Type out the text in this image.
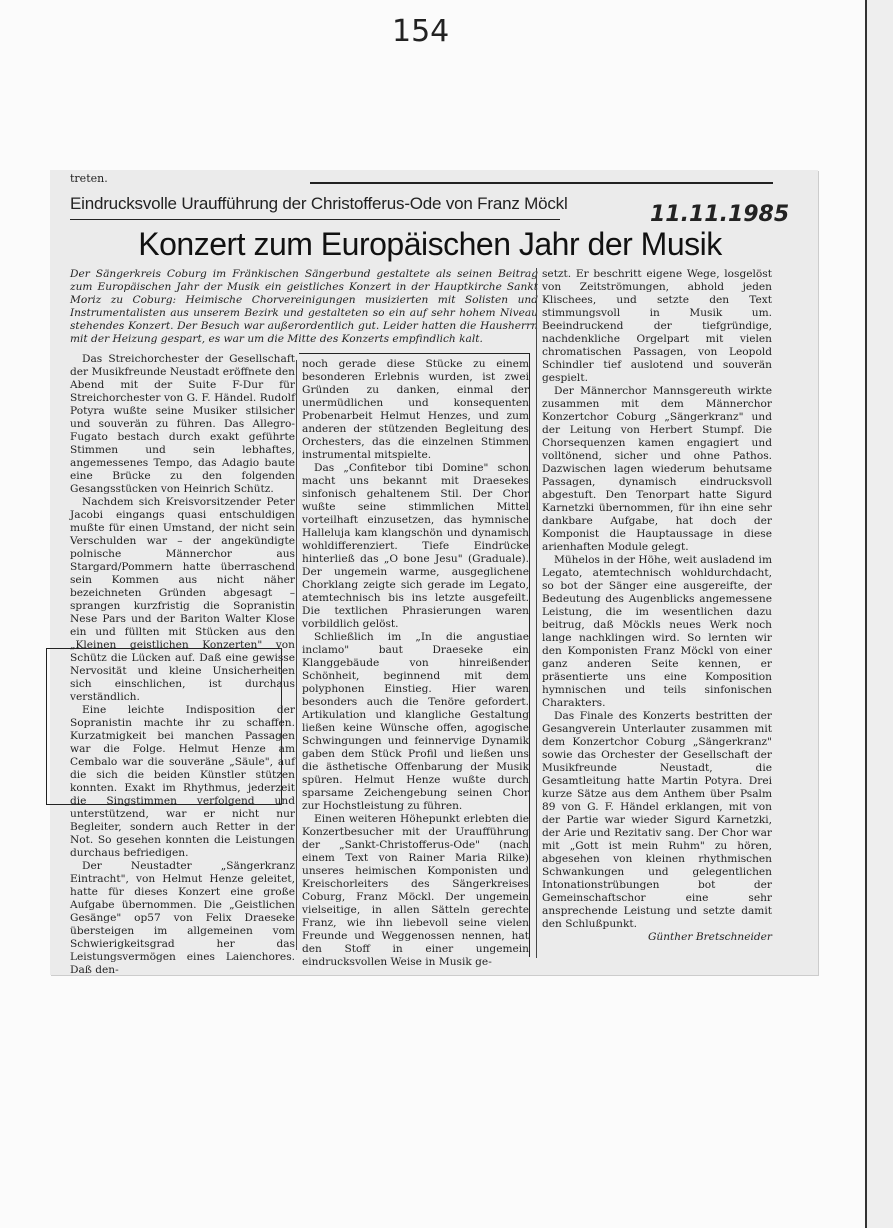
154
treten.
Eindrucksvolle Uraufführung der Christofferus-Ode von Franz Möckl	11.11.1985
Konzert zum Europäischen Jahr der Musik

Der Sängerkreis Coburg im Fränkischen Sängerbund gestaltete als seinen Beitrag zum Europäischen Jahr der Musik ein geistliches Konzert in der Hauptkirche Sankt Moriz zu Coburg: Heimische Chorvereinigungen musizierten mit Solisten und Instrumentalisten aus unserem Bezirk und gestalteten so ein auf sehr hohem Niveau stehendes Konzert. Der Besuch war außerordentlich gut. Leider hatten die Hausherrn mit der Heizung gespart, es war um die Mitte des Konzerts empfindlich kalt.

Das Streichorchester der Gesellschaft der Musikfreunde Neustadt eröffnete den Abend mit der Suite F-Dur für Streichorchester von G. F. Händel. Rudolf Potyra wußte seine Musiker stilsicher und souverän zu führen. Das Allegro-Fugato bestach durch exakt geführte Stimmen und sein lebhaftes, angemessenes Tempo, das Adagio baute eine Brücke zu den folgenden Gesangsstücken von Heinrich Schütz.

Nachdem sich Kreisvorsitzender Peter Jacobi eingangs quasi entschuldigen mußte für einen Umstand, der nicht sein Verschulden war – der angekündigte polnische Männerchor aus Stargard/Pommern hatte überraschend sein Kommen aus nicht näher bezeichneten Gründen abgesagt – sprangen kurzfristig die Sopranistin Nese Pars und der Bariton Walter Klose ein und füllten mit Stücken aus den „Kleinen geistlichen Konzerten" von Schütz die Lücken auf. Daß eine gewisse Nervosität und kleine Unsicherheiten sich einschlichen, ist durchaus verständlich.

Eine leichte Indisposition der Sopranistin machte ihr zu schaffen. Kurzatmigkeit bei manchen Passagen war die Folge. Helmut Henze am Cembalo war die souveräne „Säule", auf die sich die beiden Künstler stützen konnten. Exakt im Rhythmus, jederzeit die Singstimmen verfolgend und unterstützend, war er nicht nur Begleiter, sondern auch Retter in der Not. So gesehen konnten die Leistungen durchaus befriedigen.

Der Neustadter „Sängerkranz Eintracht", von Helmut Henze geleitet, hatte für dieses Konzert eine große Aufgabe übernommen. Die „Geistlichen Gesänge" op57 von Felix Draeseke übersteigen im allgemeinen vom Schwierigkeitsgrad her das Leistungsvermögen eines Laienchores. Daß den-

noch gerade diese Stücke zu einem besonderen Erlebnis wurden, ist zwei Gründen zu danken, einmal der unermüdlichen und konsequenten Probenarbeit Helmut Henzes, und zum anderen der stützenden Begleitung des Orchesters, das die einzelnen Stimmen instrumental mitspielte.

Das „Confitebor tibi Domine" schon macht uns bekannt mit Draesekes sinfonisch gehaltenem Stil. Der Chor wußte seine stimmlichen Mittel vorteilhaft einzusetzen, das hymnische Halleluja kam klangschön und dynamisch wohldifferenziert. Tiefe Eindrücke hinterließ das „O bone Jesu" (Graduale). Der ungemein warme, ausgeglichene Chorklang zeigte sich gerade im Legato, atemtechnisch bis ins letzte ausgefeilt. Die textlichen Phrasierungen waren vorbildlich gelöst.

Schließlich im „In die angustiae inclamo" baut Draeseke ein Klanggebäude von hinreißender Schönheit, beginnend mit dem polyphonen Einstieg. Hier waren besonders auch die Tenöre gefordert. Artikulation und klangliche Gestaltung ließen keine Wünsche offen, agogische Schwingungen und feinnervige Dynamik gaben dem Stück Profil und ließen uns die ästhetische Offenbarung der Musik spüren. Helmut Henze wußte durch sparsame Zeichengebung seinen Chor zur Hochstleistung zu führen.

Einen weiteren Höhepunkt erlebten die Konzertbesucher mit der Uraufführung der „Sankt-Christofferus-Ode" (nach einem Text von Rainer Maria Rilke) unseres heimischen Komponisten und Kreischorleiters des Sängerkreises Coburg, Franz Möckl. Der ungemein vielseitige, in allen Sätteln gerechte Franz, wie ihn liebevoll seine vielen Freunde und Weggenossen nennen, hat den Stoff in einer ungemein eindrucksvollen Weise in Musik ge-

setzt. Er beschritt eigene Wege, losgelöst von Zeitströmungen, abhold jeden Klischees, und setzte den Text stimmungsvoll in Musik um. Beeindruckend der tiefgründige, nachdenkliche Orgelpart mit vielen chromatischen Passagen, von Leopold Schindler tief auslotend und souverän gespielt.

Der Männerchor Mannsgereuth wirkte zusammen mit dem Männerchor Konzertchor Coburg „Sängerkranz" und der Leitung von Herbert Stumpf. Die Chorsequenzen kamen engagiert und volltönend, sicher und ohne Pathos. Dazwischen lagen wiederum behutsame Passagen, dynamisch eindrucksvoll abgestuft. Den Tenorpart hatte Sigurd Karnetzki übernommen, für ihn eine sehr dankbare Aufgabe, hat doch der Komponist die Hauptaussage in diese arienhaften Module gelegt.

Mühelos in der Höhe, weit ausladend im Legato, atemtechnisch wohldurchdacht, so bot der Sänger eine ausgereifte, der Bedeutung des Augenblicks angemessene Leistung, die im wesentlichen dazu beitrug, daß Möckls neues Werk noch lange nachklingen wird. So lernten wir den Komponisten Franz Möckl von einer ganz anderen Seite kennen, er präsentierte uns eine Komposition hymnischen und teils sinfonischen Charakters.

Das Finale des Konzerts bestritten der Gesangverein Unterlauter zusammen mit dem Konzertchor Coburg „Sängerkranz" sowie das Orchester der Gesellschaft der Musikfreunde Neustadt, die Gesamtleitung hatte Martin Potyra. Drei kurze Sätze aus dem Anthem über Psalm 89 von G. F. Händel erklangen, mit von der Partie war wieder Sigurd Karnetzki, der Arie und Rezitativ sang. Der Chor war mit „Gott ist mein Ruhm" zu hören, abgesehen von kleinen rhythmischen Schwankungen und gelegentlichen Intonationstrübungen bot der Gemeinschaftschor eine sehr ansprechende Leistung und setzte damit den Schlußpunkt.

Günther Bretschneider
